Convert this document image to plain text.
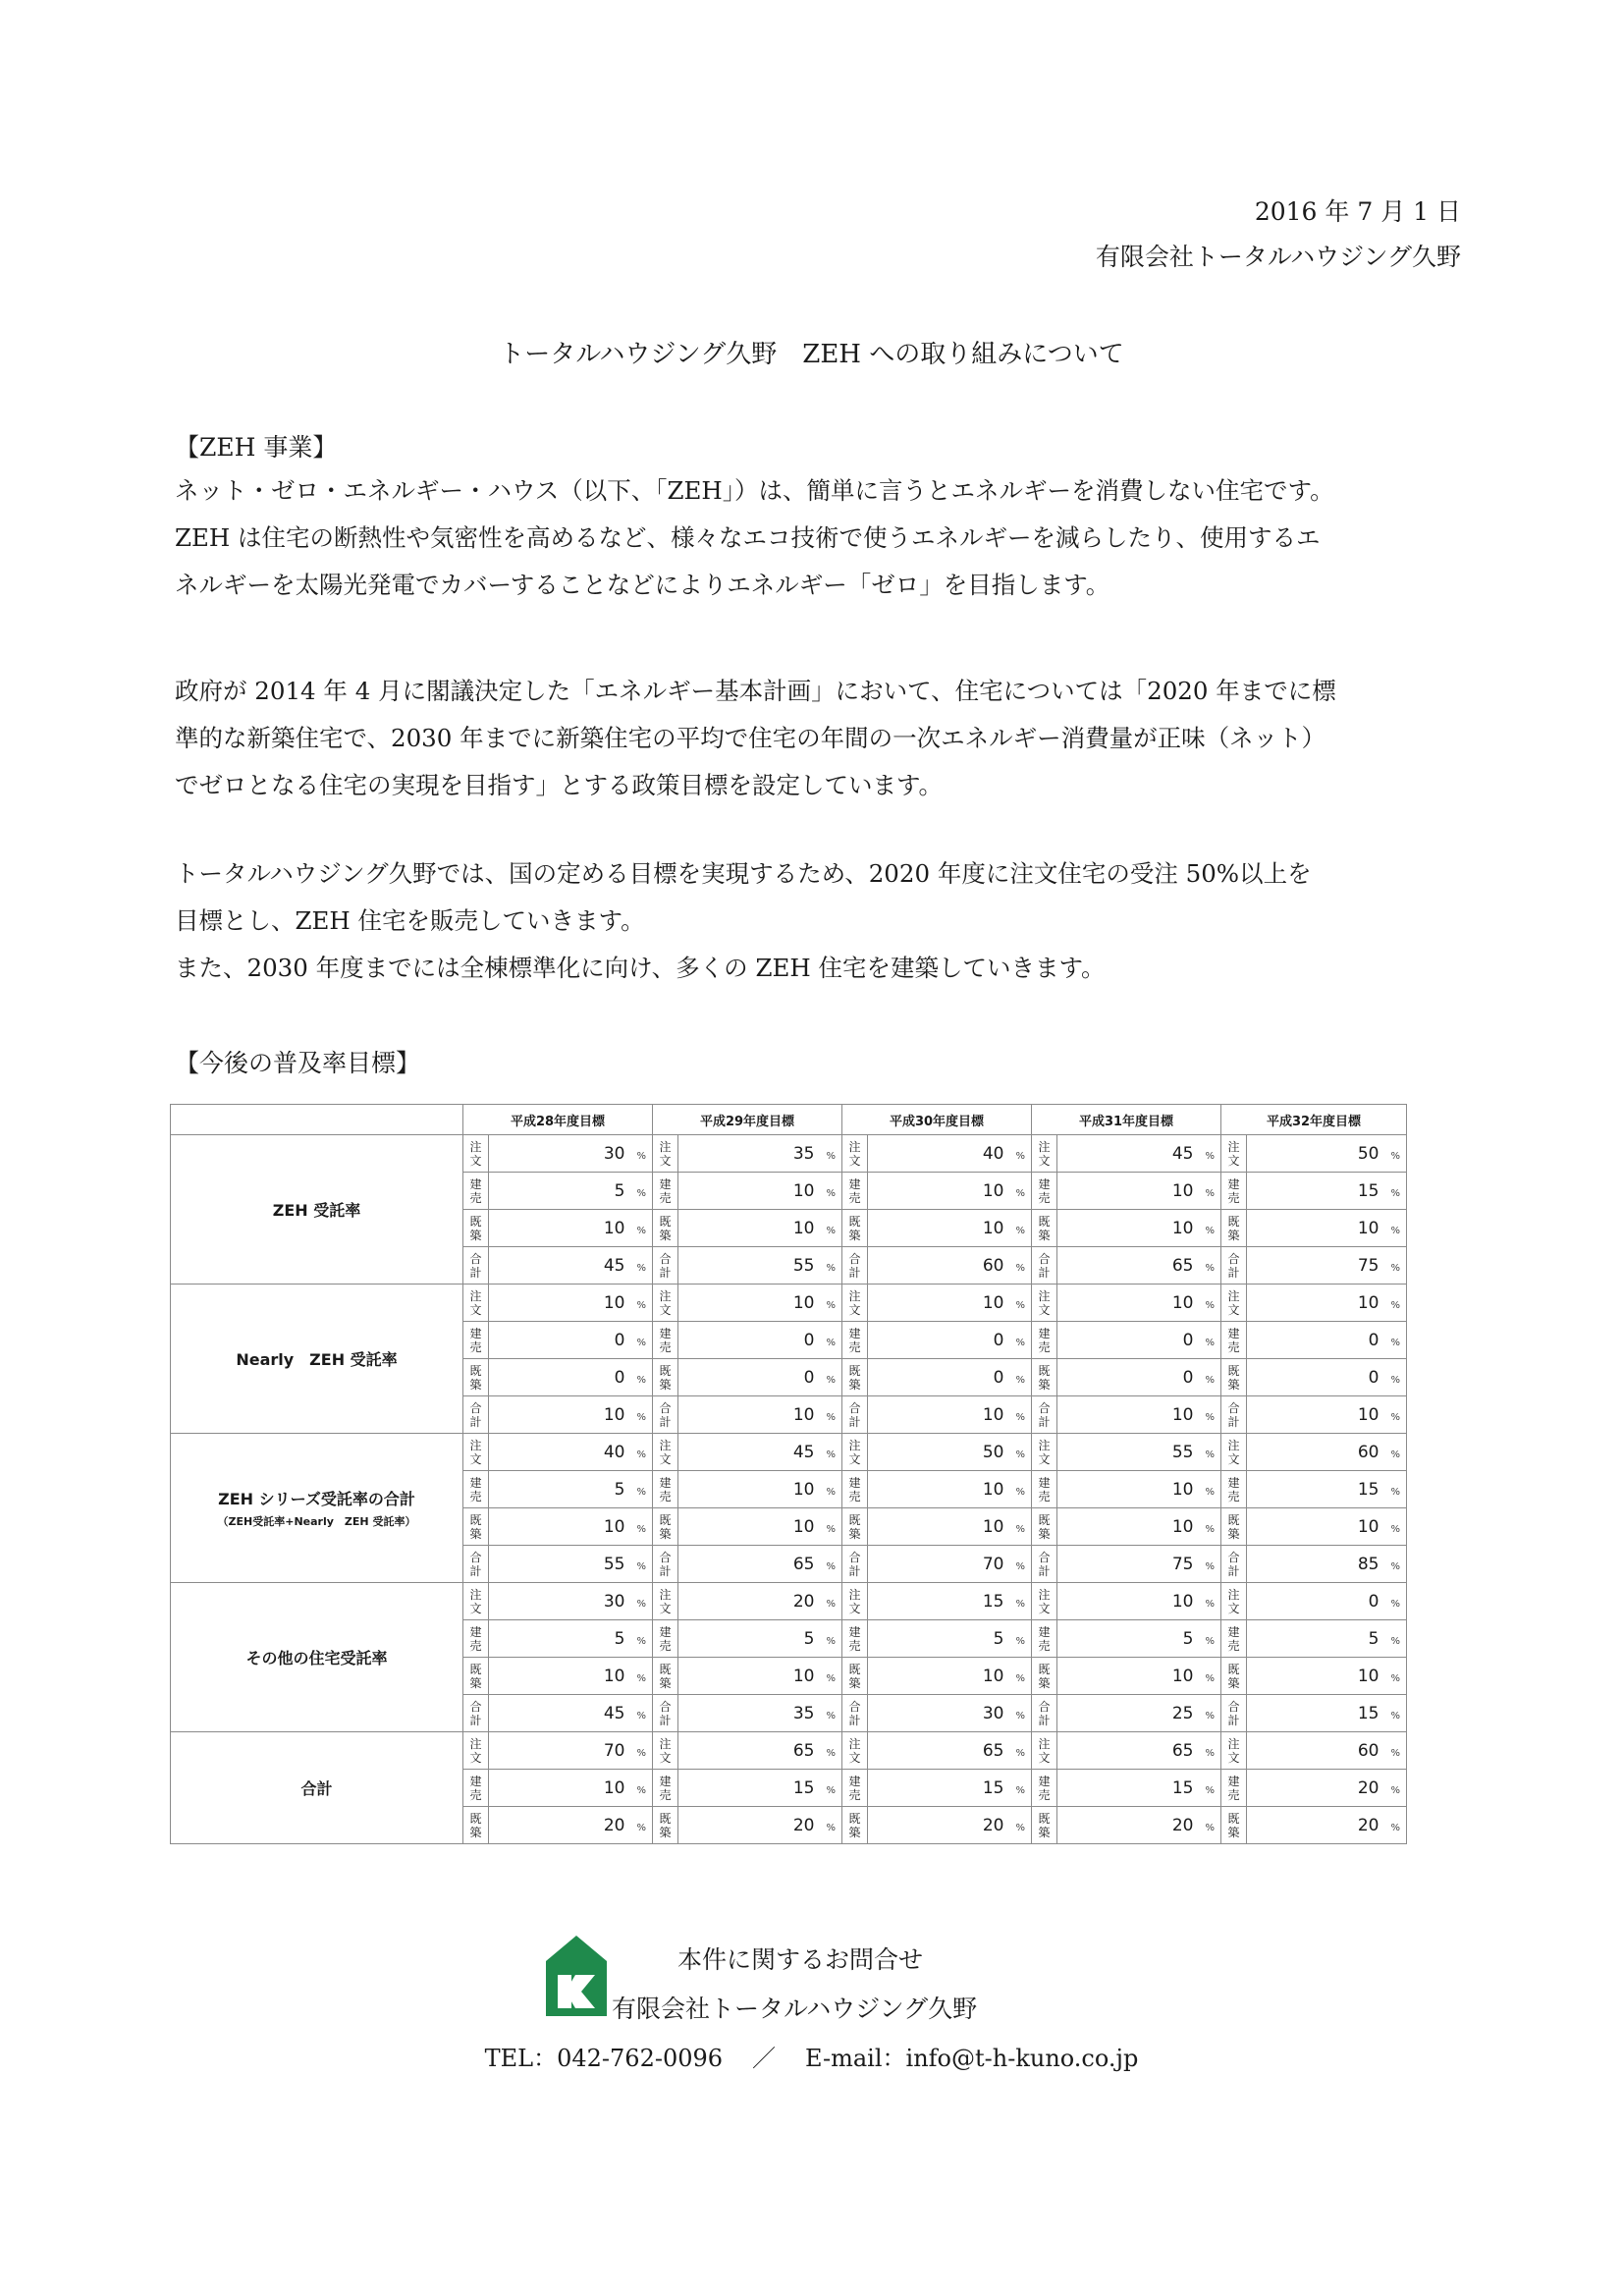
2016 年 7 月 1 日
有限会社トータルハウジング久野
トータルハウジング久野　ZEH への取り組みについて
【ZEH 事業】

ネット・ゼロ・エネルギー・ハウス（以下、「ZEH」）は、簡単に言うとエネルギーを消費しない住宅です。

ZEH は住宅の断熱性や気密性を高めるなど、様々なエコ技術で使うエネルギーを減らしたり、使用するエ

ネルギーを太陽光発電でカバーすることなどによりエネルギー「ゼロ」を目指します。

政府が 2014 年 4 月に閣議決定した「エネルギー基本計画」において、住宅については「2020 年までに標

準的な新築住宅で、2030 年までに新築住宅の平均で住宅の年間の一次エネルギー消費量が正味（ネット）

でゼロとなる住宅の実現を目指す」とする政策目標を設定しています。

トータルハウジング久野では、国の定める目標を実現するため、2020 年度に注文住宅の受注 50%以上を

目標とし、ZEH 住宅を販売していきます。

また、2030 年度までには全棟標準化に向け、多くの ZEH 住宅を建築していきます。

【今後の普及率目標】
	平成28年度目標		平成29年度目標		平成30年度目標		平成31年度目標		平成32年度目標	
ZEH 受託率	注
文	30 %	注
文	35 %	注
文	40 %	注
文	45 %	注
文	50 %

	建
売	5 %	建
売	10 %	建
売	10 %	建
売	10 %	建
売	15 %

	既
築	10 %	既
築	10 %	既
築	10 %	既
築	10 %	既
築	10 %

	合
計	45 %	合
計	55 %	合
計	60 %	合
計	65 %	合
計	75 %
Nearly　ZEH 受託率	注
文	10 %	注
文	10 %	注
文	10 %	注
文	10 %	注
文	10 %

	建
売	0 %	建
売	0 %	建
売	0 %	建
売	0 %	建
売	0 %

	既
築	0 %	既
築	0 %	既
築	0 %	既
築	0 %	既
築	0 %

	合
計	10 %	合
計	10 %	合
計	10 %	合
計	10 %	合
計	10 %
ZEH シリーズ受託率の合計
（ZEH受託率+Nearly　ZEH 受託率）	注
文	40 %	注
文	45 %	注
文	50 %	注
文	55 %	注
文	60 %

	建
売	5 %	建
売	10 %	建
売	10 %	建
売	10 %	建
売	15 %

	既
築	10 %	既
築	10 %	既
築	10 %	既
築	10 %	既
築	10 %

	合
計	55 %	合
計	65 %	合
計	70 %	合
計	75 %	合
計	85 %
その他の住宅受託率	注
文	30 %	注
文	20 %	注
文	15 %	注
文	10 %	注
文	0 %

	建
売	5 %	建
売	5 %	建
売	5 %	建
売	5 %	建
売	5 %

	既
築	10 %	既
築	10 %	既
築	10 %	既
築	10 %	既
築	10 %

	合
計	45 %	合
計	35 %	合
計	30 %	合
計	25 %	合
計	15 %
合計	注
文	70 %	注
文	65 %	注
文	65 %	注
文	65 %	注
文	60 %

	建
売	10 %	建
売	15 %	建
売	15 %	建
売	15 %	建
売	20 %

	既
築	20 %	既
築	20 %	既
築	20 %	既
築	20 %	既
築	20 %
本件に関するお問合せ
有限会社トータルハウジング久野
TEL：042-762-0096 ／ E-mail：info@t-h-kuno.co.jp
